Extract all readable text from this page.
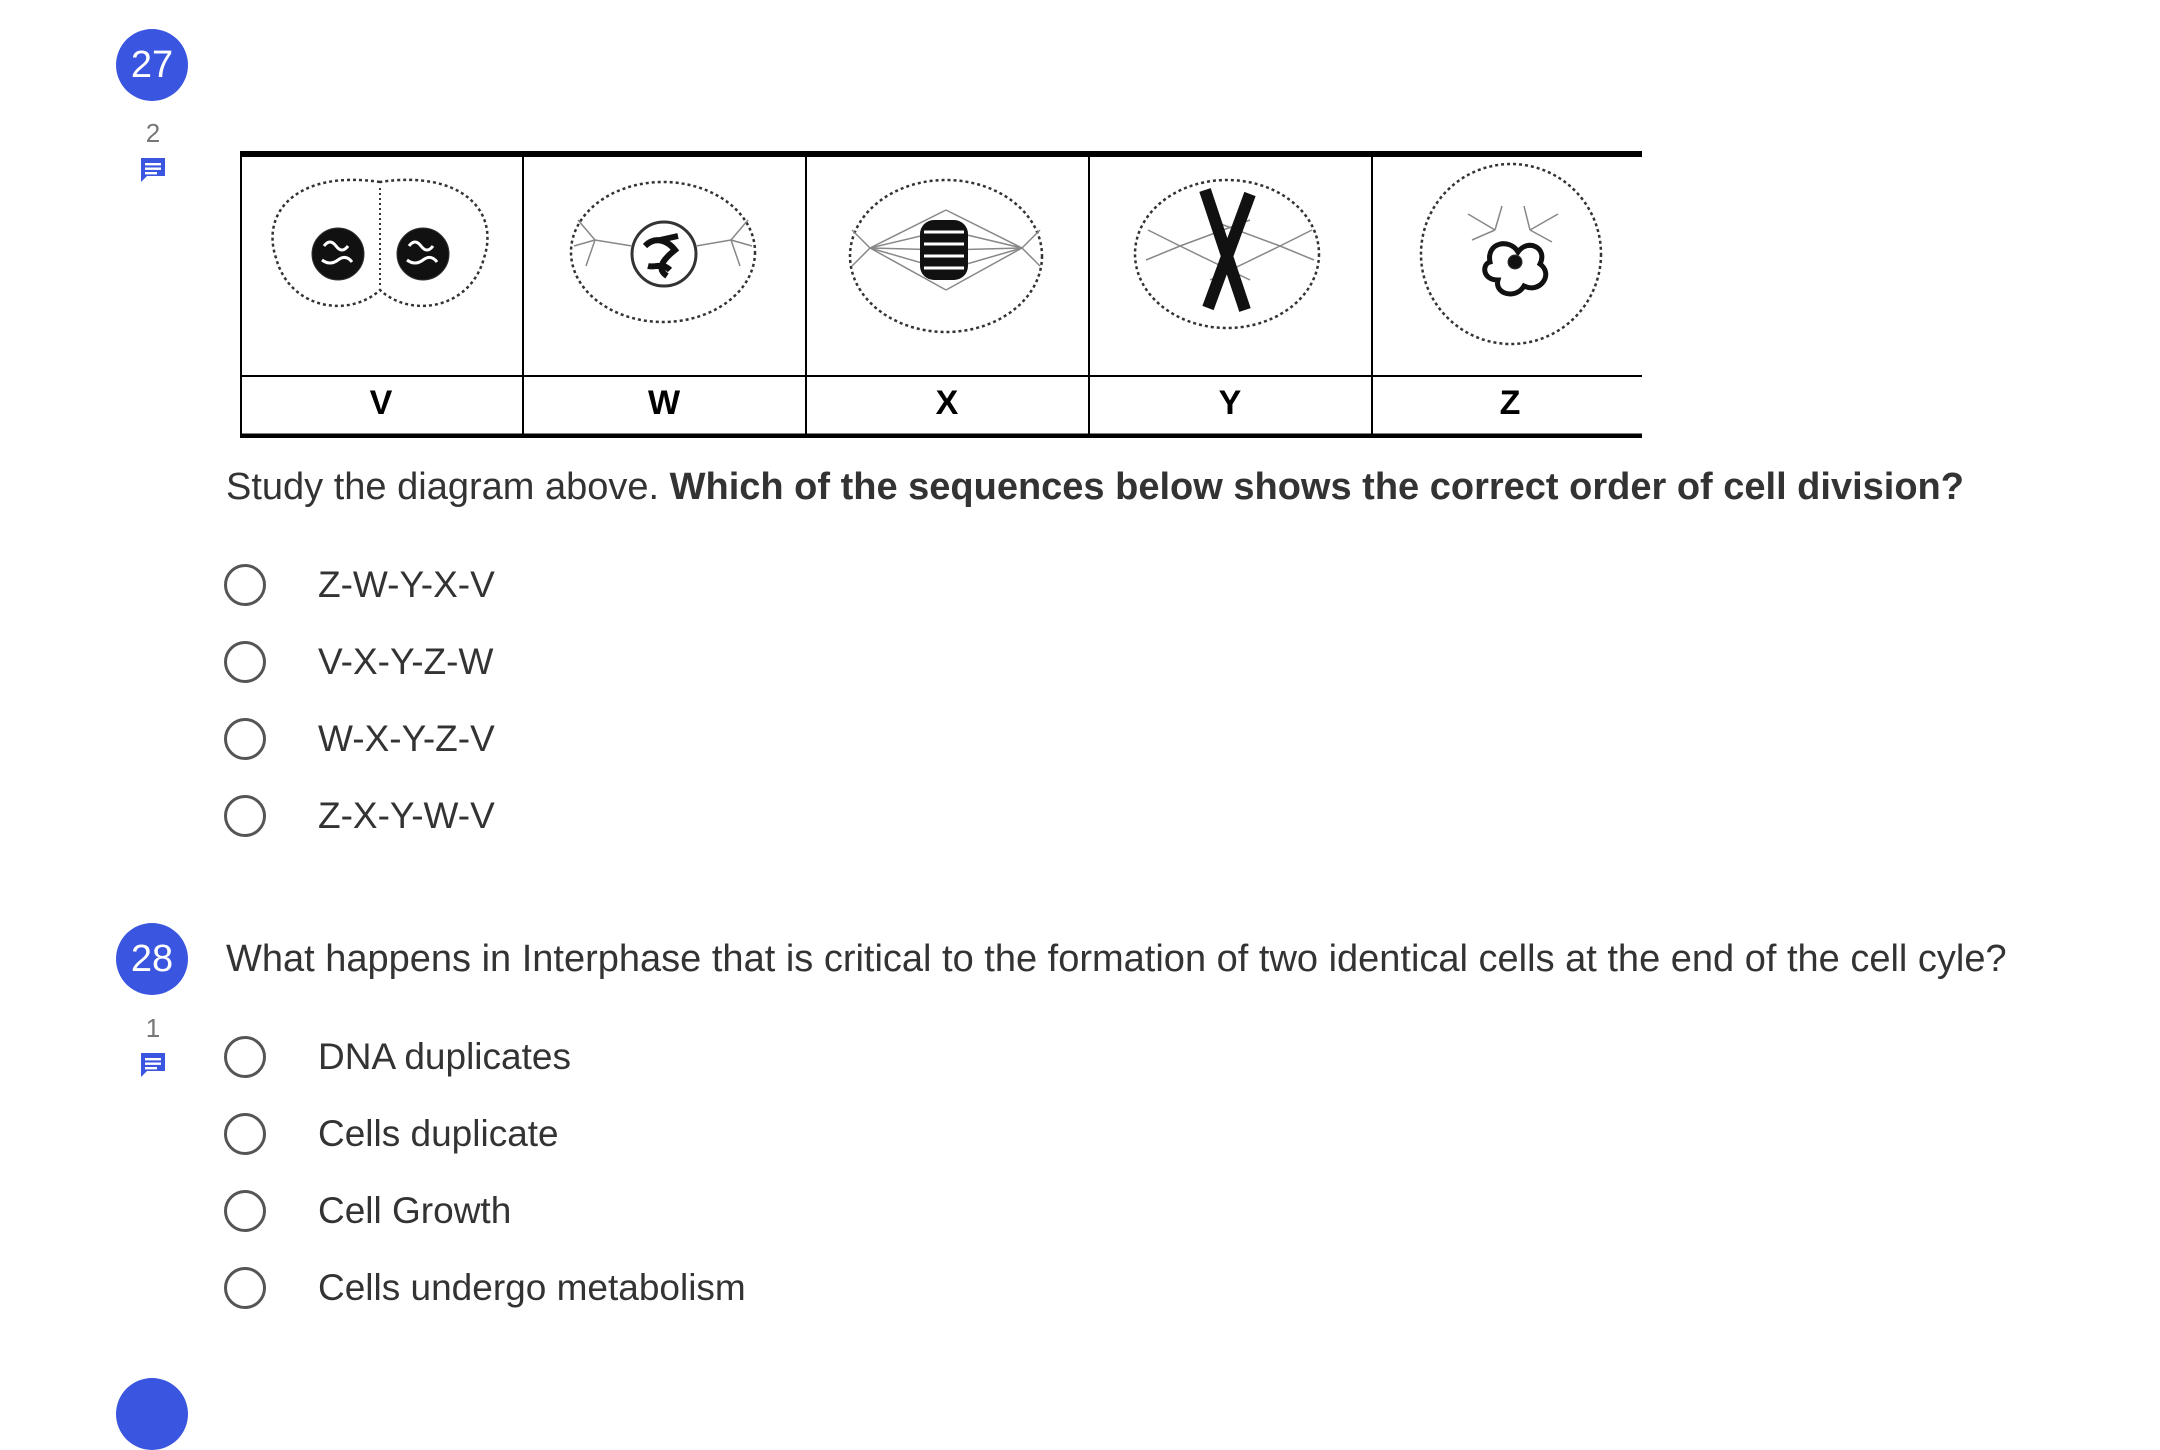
27
2
V	W	X	Y	Z
Study the diagram above. Which of the sequences below shows the correct order of cell division?
Z-W-Y-X-V
V-X-Y-Z-W
W-X-Y-Z-V
Z-X-Y-W-V
28
1
What happens in Interphase that is critical to the formation of two identical cells at the end of the cell cyle?
DNA duplicates
Cells duplicate
Cell Growth
Cells undergo metabolism
